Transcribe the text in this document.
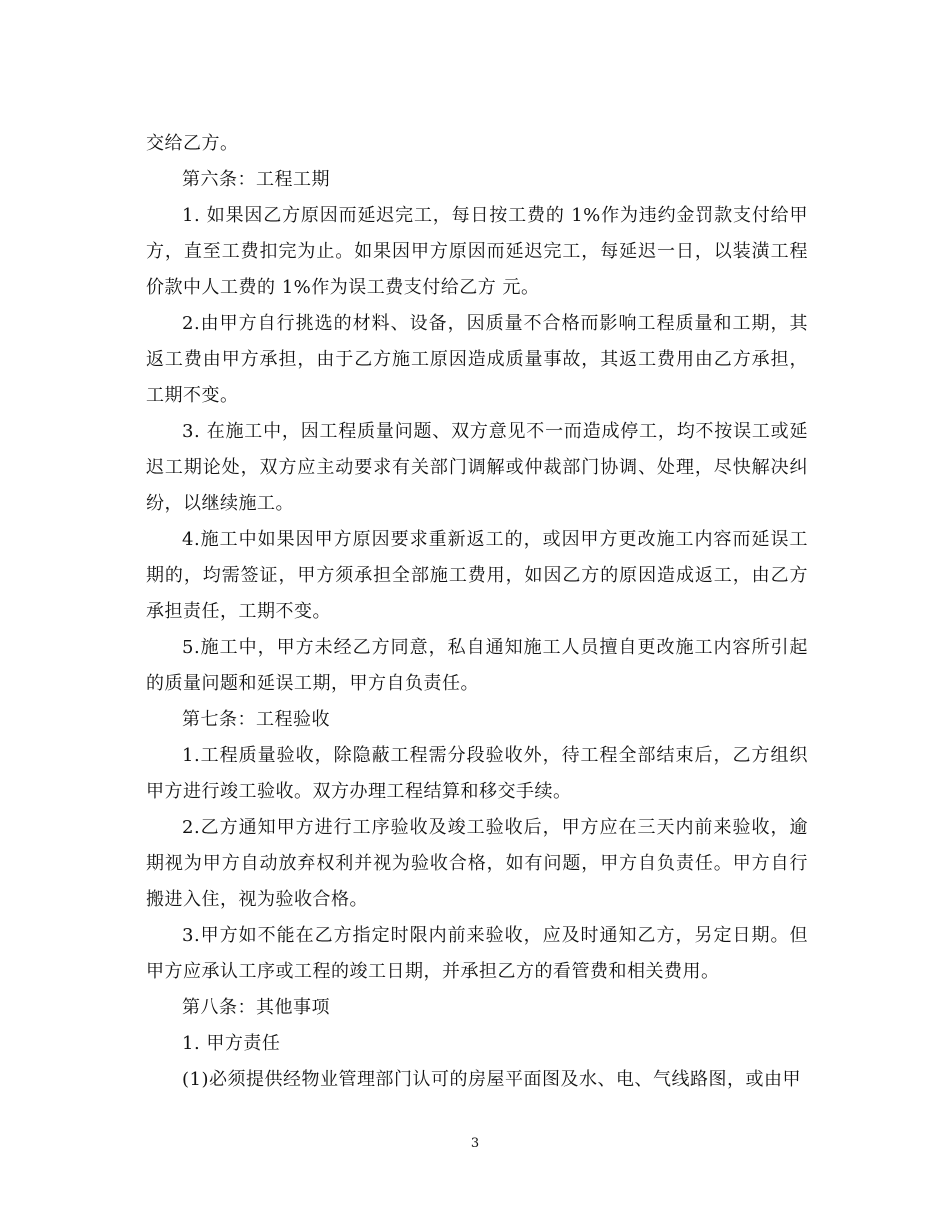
交给乙方。

第六条：工程工期

1. 如果因乙方原因而延迟完工，每日按工费的 1%作为违约金罚款支付给甲方，直至工费扣完为止。如果因甲方原因而延迟完工，每延迟一日，以装潢工程价款中人工费的 1%作为误工费支付给乙方 元。

2.由甲方自行挑选的材料、设备，因质量不合格而影响工程质量和工期，其返工费由甲方承担，由于乙方施工原因造成质量事故，其返工费用由乙方承担，工期不变。

3. 在施工中，因工程质量问题、双方意见不一而造成停工，均不按误工或延迟工期论处，双方应主动要求有关部门调解或仲裁部门协调、处理，尽快解决纠纷，以继续施工。

4.施工中如果因甲方原因要求重新返工的，或因甲方更改施工内容而延误工期的，均需签证，甲方须承担全部施工费用，如因乙方的原因造成返工，由乙方承担责任，工期不变。

5.施工中，甲方未经乙方同意，私自通知施工人员擅自更改施工内容所引起的质量问题和延误工期，甲方自负责任。

第七条：工程验收

1.工程质量验收，除隐蔽工程需分段验收外，待工程全部结束后，乙方组织甲方进行竣工验收。双方办理工程结算和移交手续。

2.乙方通知甲方进行工序验收及竣工验收后，甲方应在三天内前来验收，逾期视为甲方自动放弃权利并视为验收合格，如有问题，甲方自负责任。甲方自行搬进入住，视为验收合格。

3.甲方如不能在乙方指定时限内前来验收，应及时通知乙方，另定日期。但甲方应承认工序或工程的竣工日期，并承担乙方的看管费和相关费用。

第八条：其他事项

1. 甲方责任

(1)必须提供经物业管理部门认可的房屋平面图及水、电、气线路图，或由甲

3
